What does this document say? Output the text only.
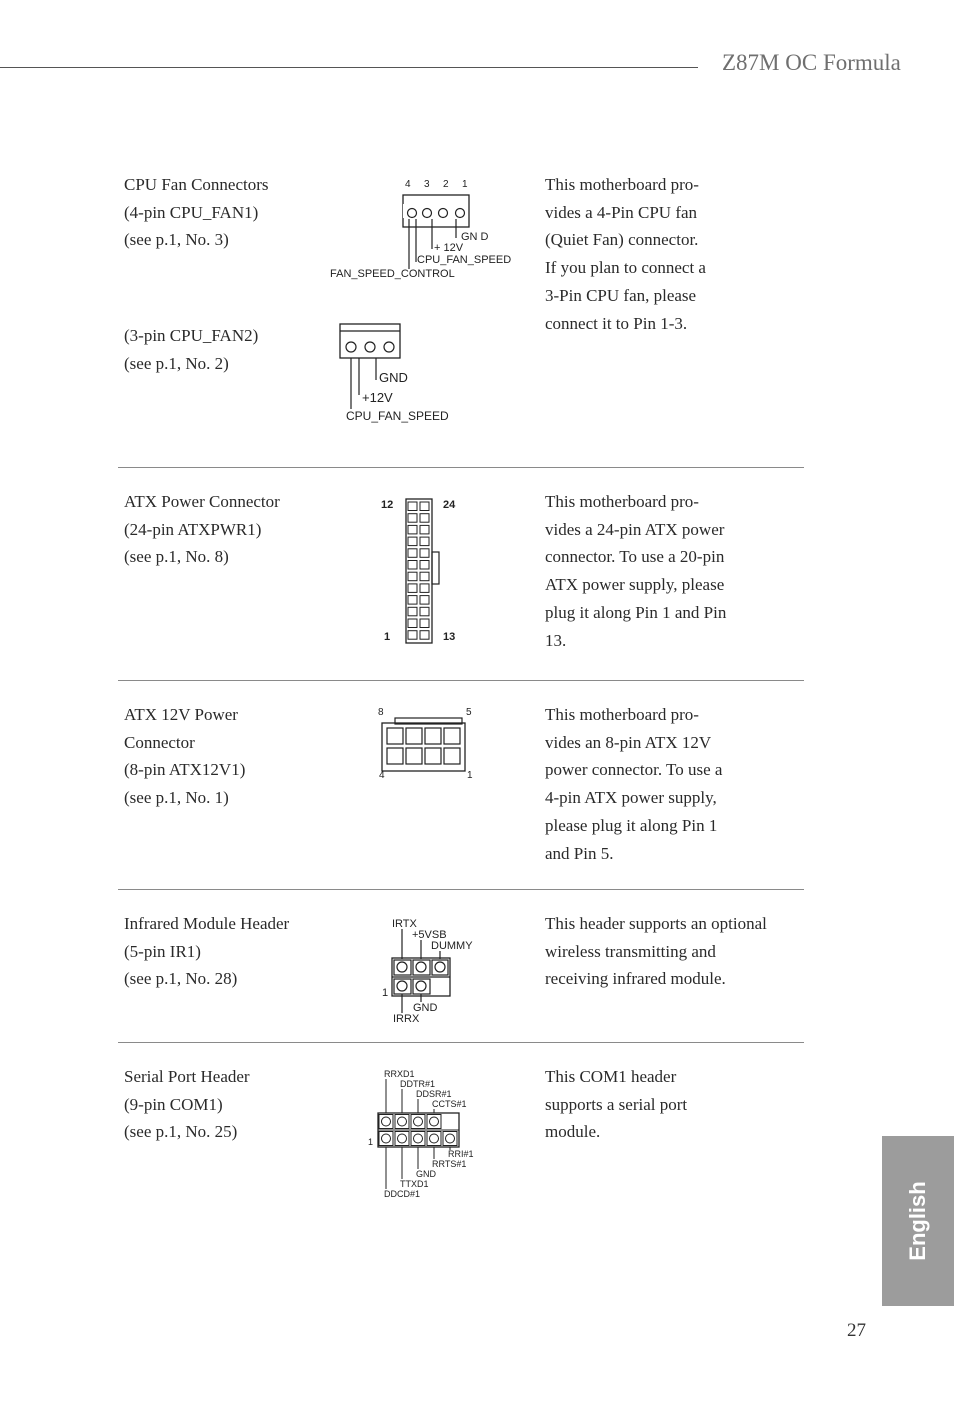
Z87M OC Formula
CPU Fan Connectors
(4-pin CPU_FAN1)
(see p.1, No. 3)
4 3 2 1
GN D
+ 12V
CPU_FAN_SPEED
FAN_SPEED_CONTROL
This motherboard pro-
vides a 4-Pin CPU fan
(Quiet Fan) connector.
If you plan to connect a
3-Pin CPU fan, please
connect it to Pin 1-3.
(3-pin CPU_FAN2)
(see p.1, No. 2)
GND
+12V
CPU_FAN_SPEED
ATX Power Connector
(24-pin ATXPWR1)
(see p.1, No. 8)
12	24
1	13
This motherboard pro-
vides a 24-pin ATX power
connector. To use a 20-pin
ATX power supply, please
plug it along Pin 1 and Pin
13.
ATX 12V Power
Connector
(8-pin ATX12V1)
(see p.1, No. 1)
8	5
4	1
This motherboard pro-
vides an 8-pin ATX 12V
power connector. To use a
4-pin ATX power supply,
please plug it along Pin 1
and Pin 5.
Infrared Module Header
(5-pin IR1)
(see p.1, No. 28)
IRTX
+5VSB
DUMMY
1
GND
IRRX
This header supports an optional
wireless transmitting and
receiving infrared module.
Serial Port Header
(9-pin COM1)
(see p.1, No. 25)
RRXD1
DDTR#1
DDSR#1
CCTS#1
1
RRI#1
RRTS#1
GND
TTXD1
DDCD#1
This COM1 header
supports a serial port
module.
English
27
